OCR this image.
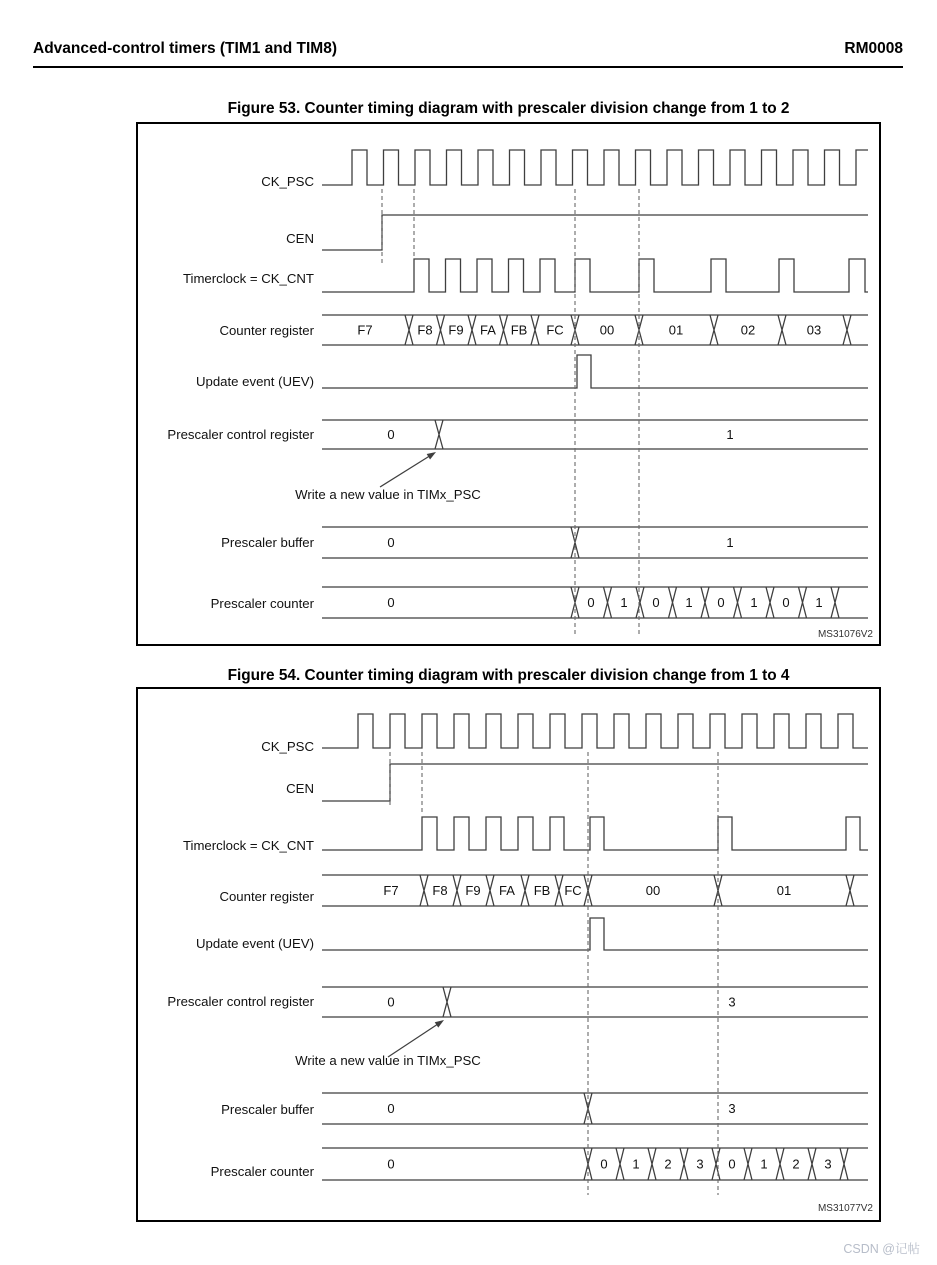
Advanced-control timers (TIM1 and TIM8)	RM0008
Figure 53. Counter timing diagram with prescaler division change from 1 to 2
CK_PSC
CEN
Timerclock = CK_CNT
Counter register	F7	F8 F9 FA FB FC	00	01	02	03
Update event (UEV)
Prescaler control register	0	1
Prescaler buffer	0	1
Prescaler counter	0	0 1 0 1 0 1 0 1
Write a new value in TIMx_PSC
MS31076V2
Figure 54. Counter timing diagram with prescaler division change from 1 to 4
CK_PSC
CEN
Timerclock = CK_CNT
Counter register	F7	F8 F9 FA FB FC	00	01
Update event (UEV)
Prescaler control register	0	3
Prescaler buffer	0	3
Prescaler counter	0	0 1 2 3 0 1 2 3
Write a new value in TIMx_PSC
MS31077V2
CSDN @记帖
